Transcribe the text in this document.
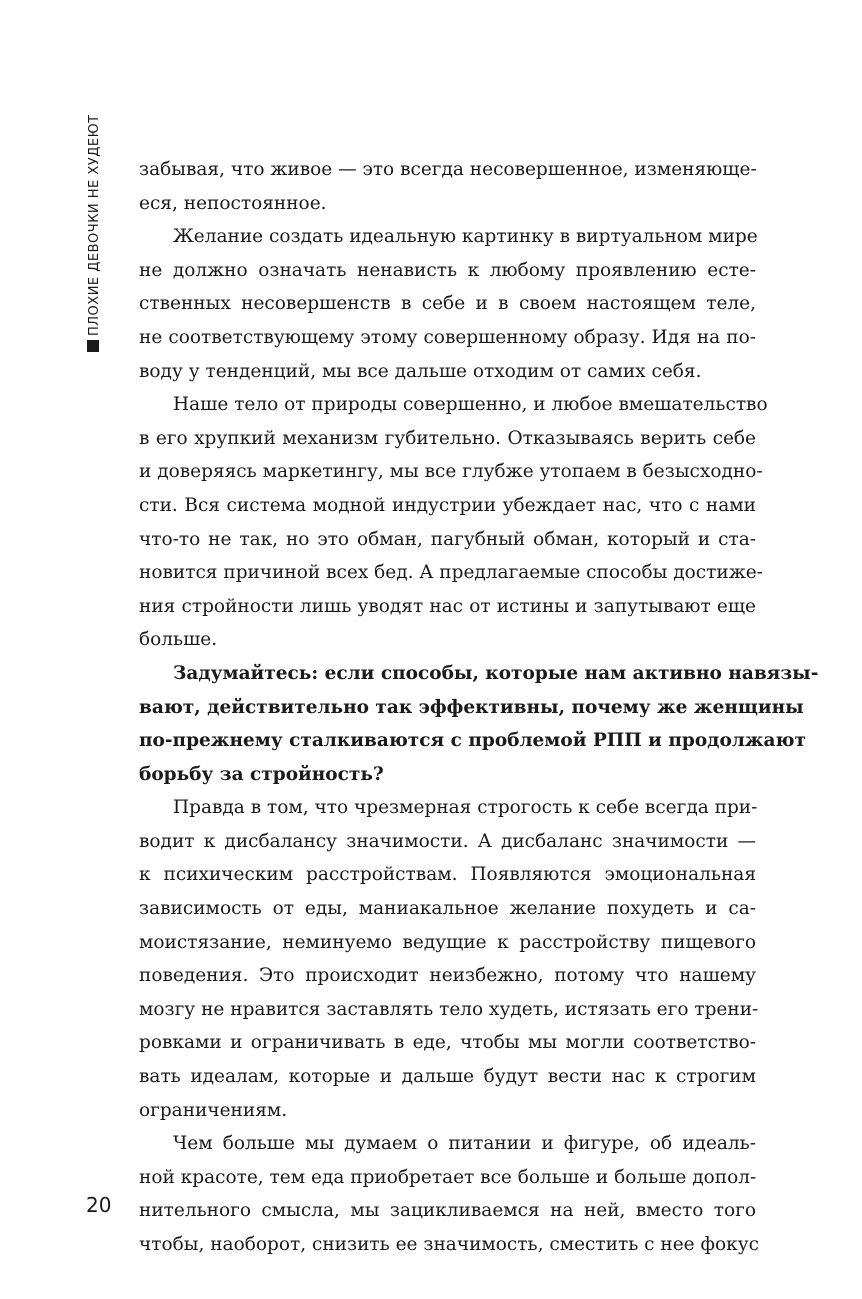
ПЛОХИЕ ДЕВОЧКИ НЕ ХУДЕЮТ забывая, что живое — это всегда несовершенное, изменяюще-
еся, непостоянное.
Желание создать идеальную картинку в виртуальном мире
не должно означать ненависть к любому проявлению есте-
ственных несовершенств в себе и в своем настоящем теле,
не соответствующему этому совершенному образу. Идя на по-
воду у тенденций, мы все дальше отходим от самих себя.
Наше тело от природы совершенно, и любое вмешательство
в его хрупкий механизм губительно. Отказываясь верить себе
и доверяясь маркетингу, мы все глубже утопаем в безысходно-
сти. Вся система модной индустрии убеждает нас, что с нами
что-то не так, но это обман, пагубный обман, который и ста-
новится причиной всех бед. А предлагаемые способы достиже-
ния стройности лишь уводят нас от истины и запутывают еще
больше.
Задумайтесь: если способы, которые нам активно навязы-
вают, действительно так эффективны, почему же женщины
по-прежнему сталкиваются с проблемой РПП и продолжают
борьбу за стройность?
Правда в том, что чрезмерная строгость к себе всегда при-
водит к дисбалансу значимости. А дисбаланс значимости —
к психическим расстройствам. Появляются эмоциональная
зависимость от еды, маниакальное желание похудеть и са-
моистязание, неминуемо ведущие к расстройству пищевого
поведения. Это происходит неизбежно, потому что нашему
мозгу не нравится заставлять тело худеть, истязать его трени-
ровками и ограничивать в еде, чтобы мы могли соответство-
вать идеалам, которые и дальше будут вести нас к строгим
ограничениям.
Чем больше мы думаем о питании и фигуре, об идеаль-
ной красоте, тем еда приобретает все больше и больше допол-
нительного смысла, мы зацикливаемся на ней, вместо того
чтобы, наоборот, снизить ее значимость, сместить с нее фокус
20
